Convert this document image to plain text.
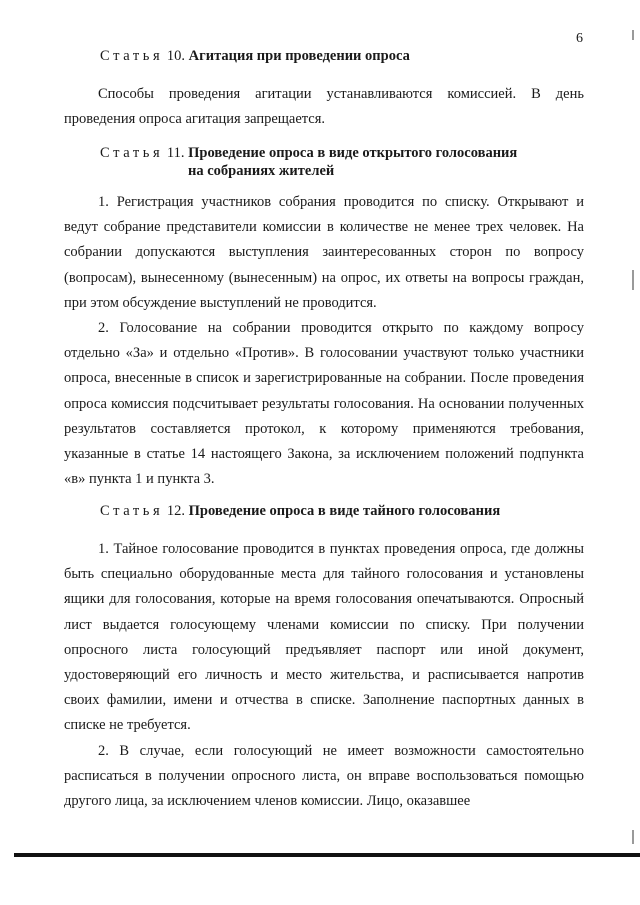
6
Статья 10. Агитация при проведении опроса

Способы проведения агитации устанавливаются комиссией. В день проведения опроса агитация запрещается.

Статья 11. Проведение опроса в виде открытого голосования
на собраниях жителей

1. Регистрация участников собрания проводится по списку. Открывают и ведут собрание представители комиссии в количестве не менее трех человек. На собрании допускаются выступления заинтересованных сторон по вопросу (вопросам), вынесенному (вынесенным) на опрос, их ответы на вопросы граждан, при этом обсуждение выступлений не проводится.

2. Голосование на собрании проводится открыто по каждому вопросу отдельно «За» и отдельно «Против». В голосовании участвуют только участники опроса, внесенные в список и зарегистрированные на собрании. После проведения опроса комиссия подсчитывает результаты голосования. На основании полученных результатов составляется протокол, к которому применяются требования, указанные в статье 14 настоящего Закона, за исключением положений подпункта «в» пункта 1 и пункта 3.

Статья 12. Проведение опроса в виде тайного голосования

1. Тайное голосование проводится в пунктах проведения опроса, где должны быть специально оборудованные места для тайного голосования и установлены ящики для голосования, которые на время голосования опечатываются. Опросный лист выдается голосующему членами комиссии по списку. При получении опросного листа голосующий предъявляет паспорт или иной документ, удостоверяющий его личность и место жительства, и расписывается напротив своих фамилии, имени и отчества в списке. Заполнение паспортных данных в списке не требуется.

2. В случае, если голосующий не имеет возможности самостоятельно расписаться в получении опросного листа, он вправе воспользоваться помощью другого лица, за исключением членов комиссии. Лицо, оказавшее
